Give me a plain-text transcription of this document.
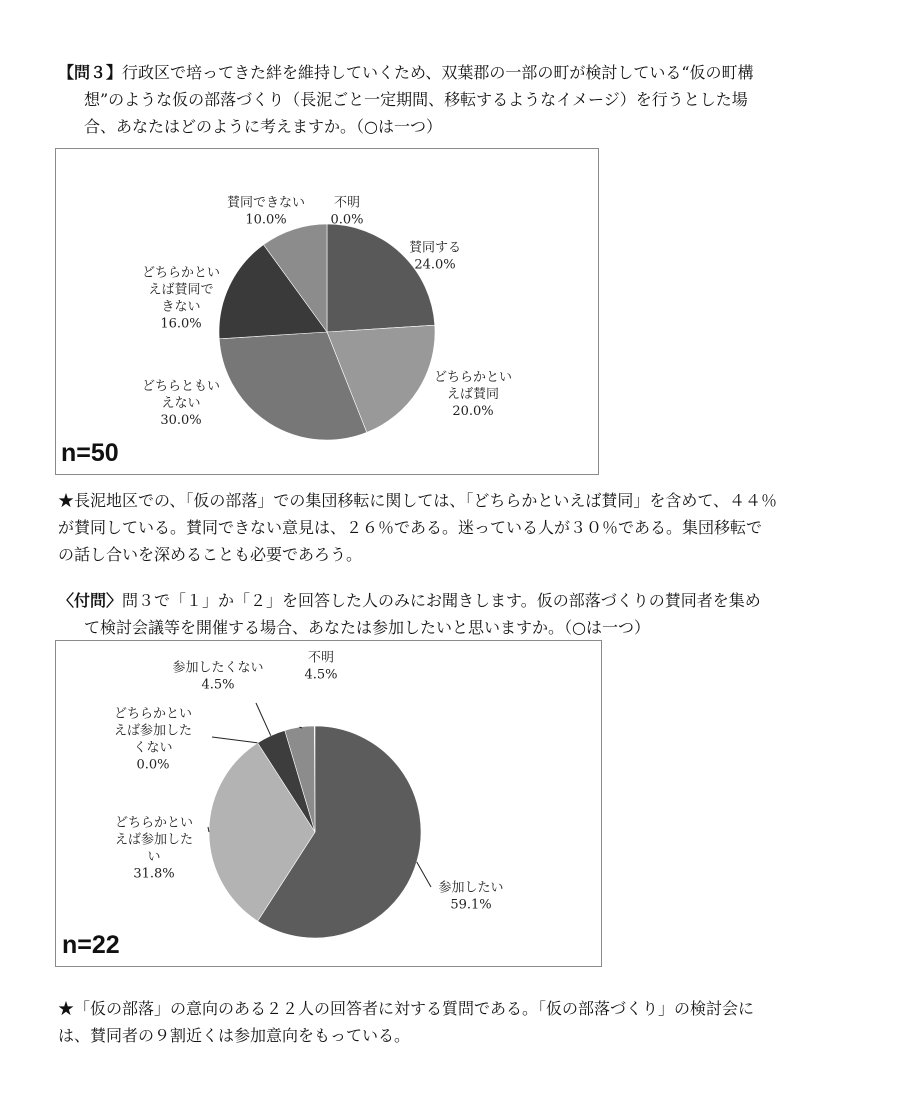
【問３】行政区で培ってきた絆を維持していくため、双葉郡の一部の町が検討している“仮の町構
想”のような仮の部落づくり（長泥ごと一定期間、移転するようなイメージ）を行うとした場
合、あなたはどのように考えますか。（○は一つ）
賛同する 24.0%
どちらかといえば賛同 20.0%
どちらともいえない 30.0%
どちらかといえば賛同できない 16.0%
賛同できない 10.0%
不明 0.0%
n=50
★長泥地区での、「仮の部落」での集団移転に関しては、「どちらかといえば賛同」を含めて、４４％
が賛同している。賛同できない意見は、２６％である。迷っている人が３０％である。集団移転で
の話し合いを深めることも必要であろう。
〈付問〉問３で「１」か「２」を回答した人のみにお聞きします。仮の部落づくりの賛同者を集め
て検討会議等を開催する場合、あなたは参加したいと思いますか。（○は一つ）
参加したい 59.1%
どちらかといえば参加したい 31.8%
どちらかといえば参加したくない 0.0%
参加したくない 4.5%
不明 4.5%
n=22
★「仮の部落」の意向のある２２人の回答者に対する質問である。「仮の部落づくり」の検討会に
は、賛同者の９割近くは参加意向をもっている。
